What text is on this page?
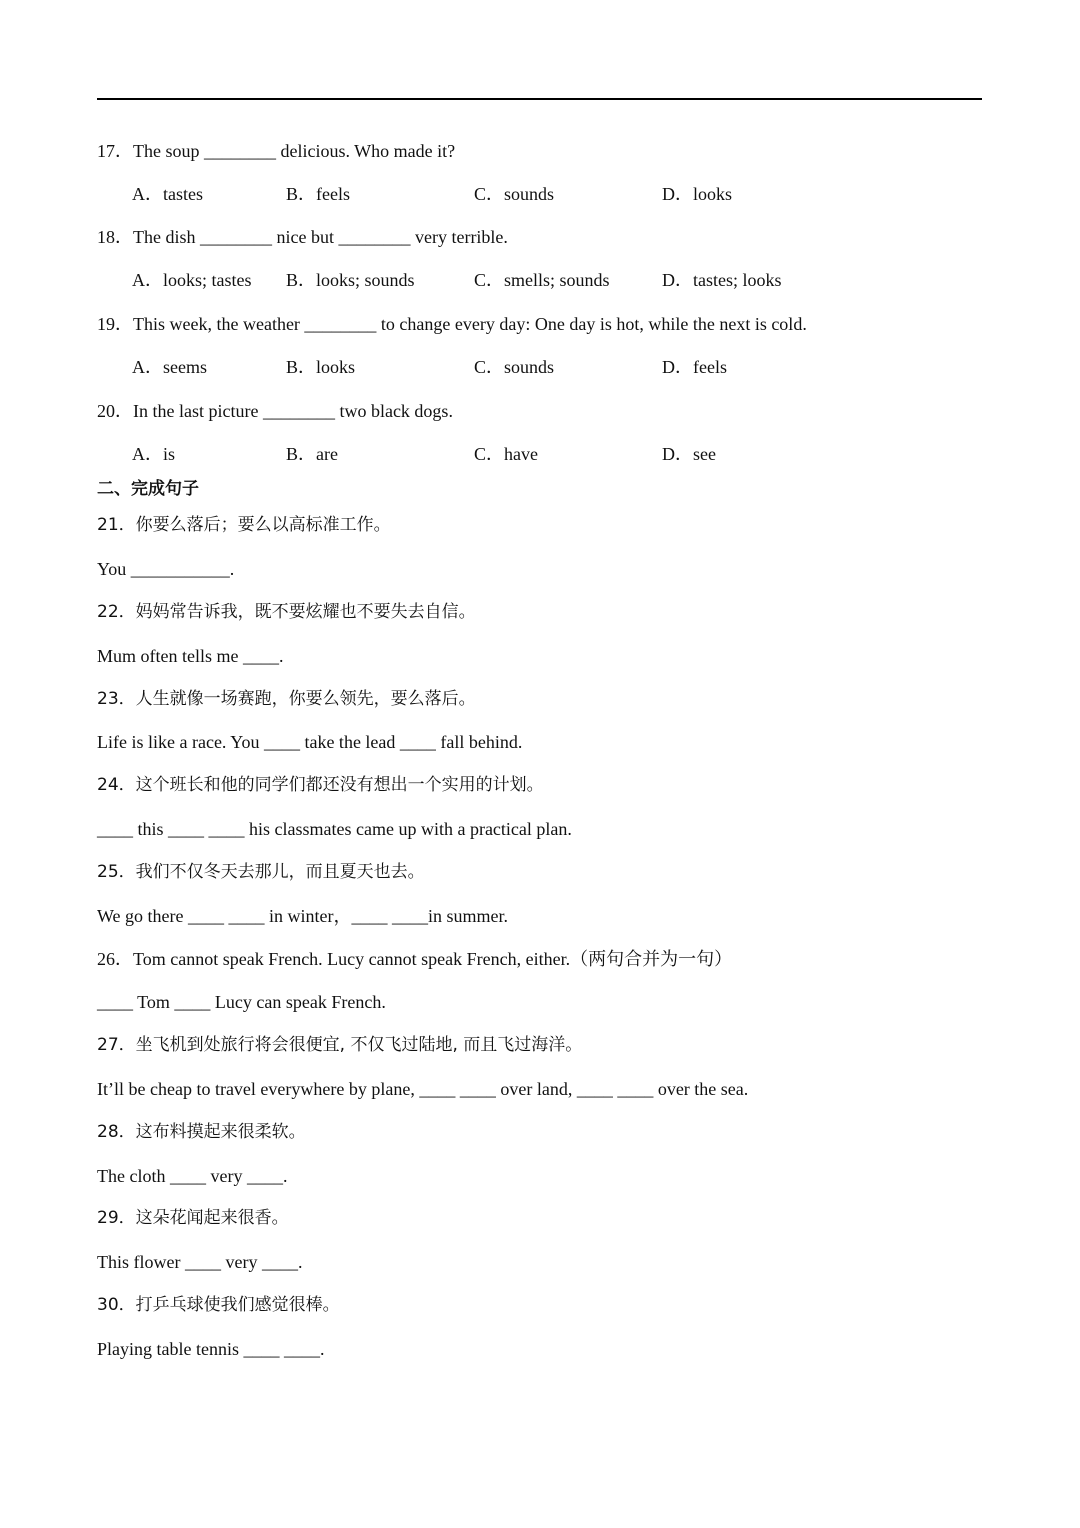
17．The soup ________ delicious. Who made it?
A．tastes	B．feels	C．sounds	D．looks
18．The dish ________ nice but ________ very terrible.
A．looks; tastes B．looks; sounds	C．smells; sounds	D．tastes; looks
19．This week, the weather ________ to change every day: One day is hot, while the next is cold.
A．seems	B．looks	C．sounds	D．feels
20．In the last picture ________ two black dogs.
A．is	B．are	C．have	D．see
二、完成句子
21．你要么落后；要么以高标准工作。
You ___________.
22．妈妈常告诉我，既不要炫耀也不要失去自信。
Mum often tells me ____.
23．人生就像一场赛跑，你要么领先，要么落后。
Life is like a race. You ____ take the lead ____ fall behind.
24．这个班长和他的同学们都还没有想出一个实用的计划。
____ this ____ ____ his classmates came up with a practical plan.
25．我们不仅冬天去那儿，而且夏天也去。
We go there ____ ____ in winter，____ ____in summer.
26．Tom cannot speak French. Lucy cannot speak French, either.（两句合并为一句）
____ Tom ____ Lucy can speak French.
27．坐飞机到处旅行将会很便宜, 不仅飞过陆地, 而且飞过海洋。
It’ll be cheap to travel everywhere by plane, ____ ____ over land, ____ ____ over the sea.
28．这布料摸起来很柔软。
The cloth ____ very ____.
29．这朵花闻起来很香。
This flower ____ very ____.
30．打乒乓球使我们感觉很棒。
Playing table tennis ____ ____.
